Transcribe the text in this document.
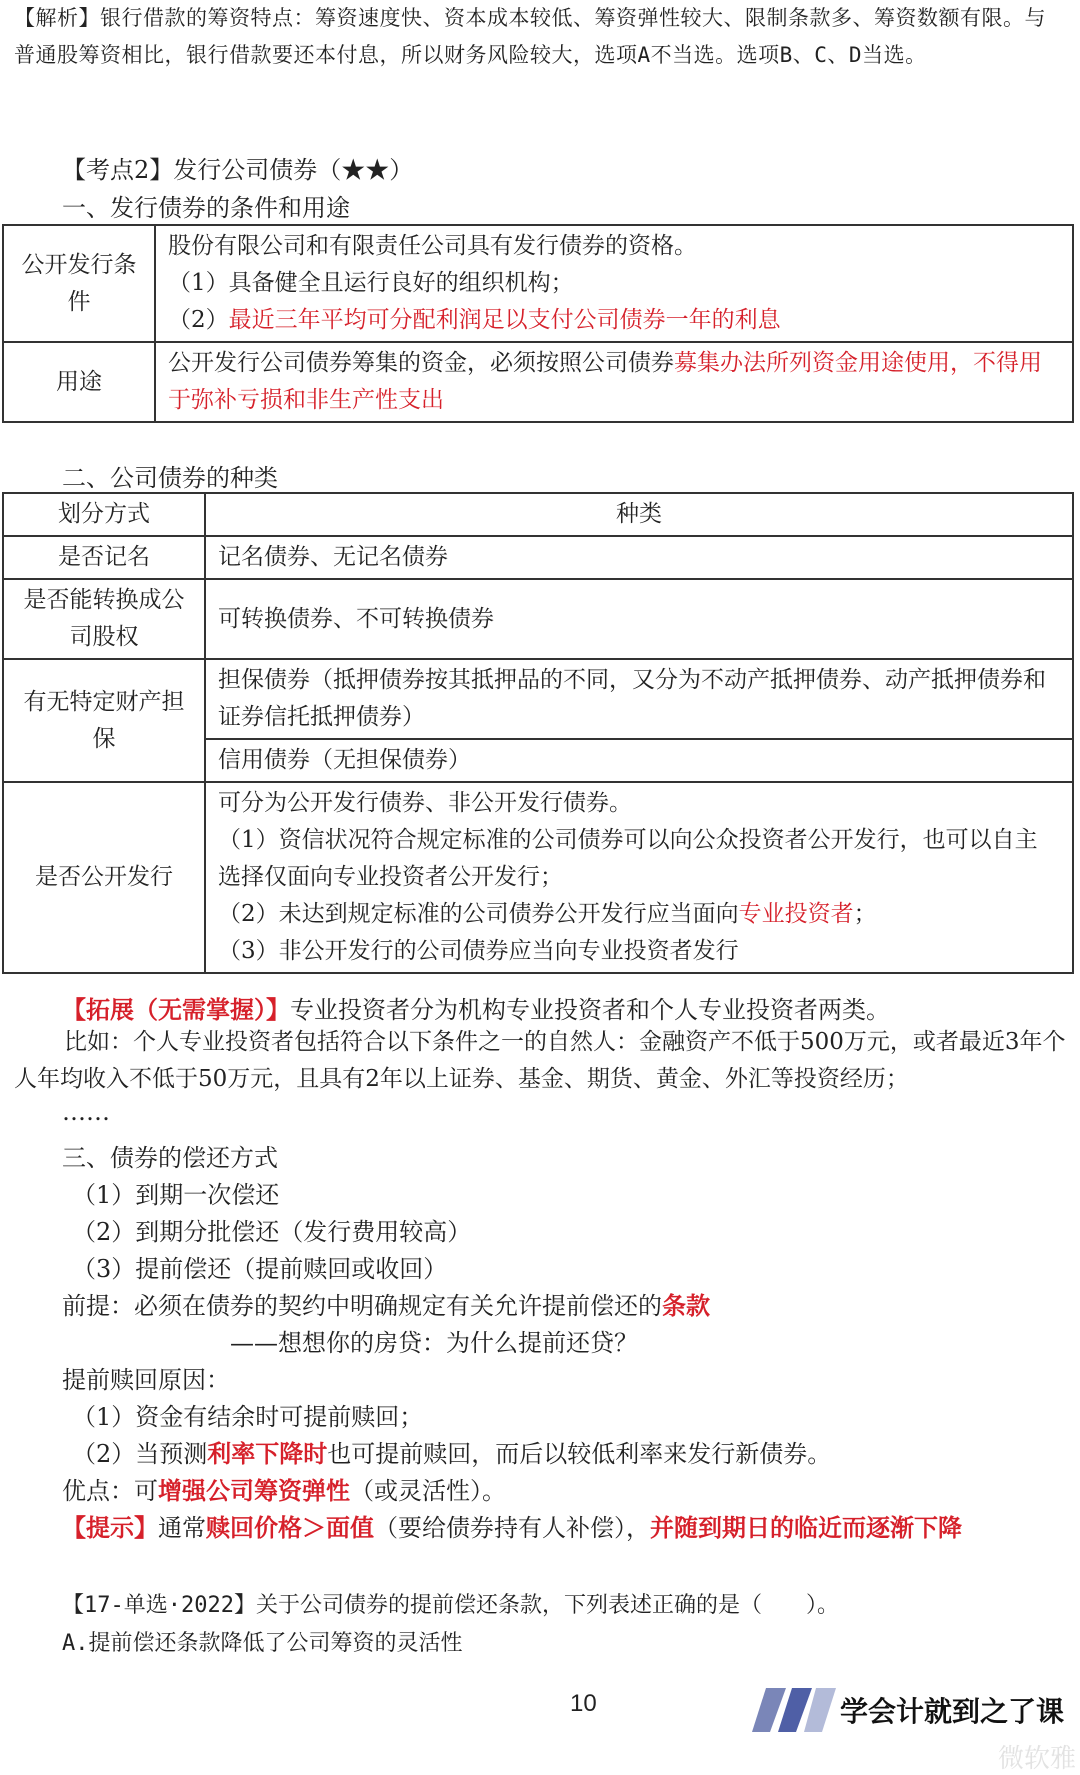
【解析】银行借款的筹资特点：筹资速度快、资本成本较低、筹资弹性较大、限制条款多、筹资数额有限。与普通股筹资相比，银行借款要还本付息，所以财务风险较大，选项A不当选。选项B、C、D当选。
【考点2】发行公司债券（★★）
一、发行债券的条件和用途
公开发行条件	股份有限公司和有限责任公司具有发行债券的资格。
（1）具备健全且运行良好的组织机构；
（2）最近三年平均可分配利润足以支付公司债券一年的利息

用途	公开发行公司债券筹集的资金，必须按照公司债券募集办法所列资金用途使用，不得用于弥补亏损和非生产性支出
二、公司债券的种类
划分方式	种类
是否记名	记名债券、无记名债券
是否能转换成公司股权	可转换债券、不可转换债券
有无特定财产担保	担保债券（抵押债券按其抵押品的不同，又分为不动产抵押债券、动产抵押债券和证券信托抵押债券）
	信用债券（无担保债券）
是否公开发行	可分为公开发行债券、非公开发行债券。
（1）资信状况符合规定标准的公司债券可以向公众投资者公开发行，也可以自主选择仅面向专业投资者公开发行；
（2）未达到规定标准的公司债券公开发行应当面向专业投资者；
（3）非公开发行的公司债券应当向专业投资者发行
【拓展（无需掌握）】专业投资者分为机构专业投资者和个人专业投资者两类。
比如：个人专业投资者包括符合以下条件之一的自然人：金融资产不低于500万元，或者最近3年个人年均收入不低于50万元，且具有2年以上证券、基金、期货、黄金、外汇等投资经历；
……
三、债券的偿还方式
（1）到期一次偿还
（2）到期分批偿还（发行费用较高）
（3）提前偿还（提前赎回或收回）
前提：必须在债券的契约中明确规定有关允许提前偿还的条款
——想想你的房贷：为什么提前还贷？
提前赎回原因：
（1）资金有结余时可提前赎回；
（2）当预测利率下降时也可提前赎回，而后以较低利率来发行新债券。
优点：可增强公司筹资弹性（或灵活性）。
【提示】通常赎回价格＞面值（要给债券持有人补偿），并随到期日的临近而逐渐下降
【17-单选·2022】关于公司债券的提前偿还条款，下列表述正确的是（　　）。
A.提前偿还条款降低了公司筹资的灵活性
10	学会计就到之了课
微软雅
